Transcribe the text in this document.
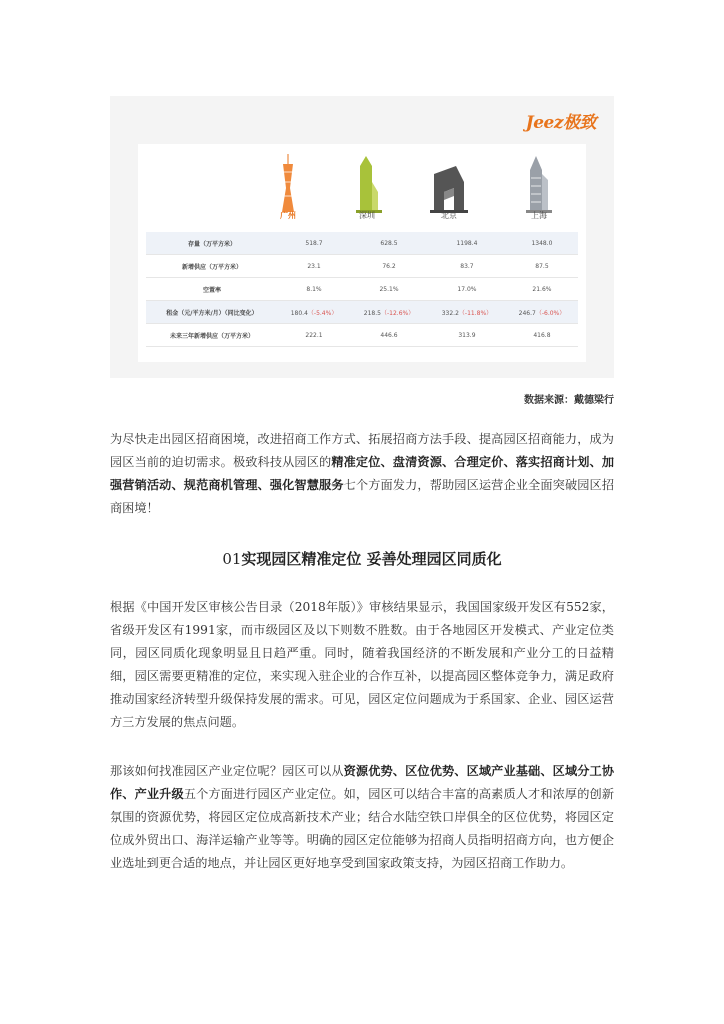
Jeez极致
广州	深圳	北京	上海
存量（万平方米）	518.7	628.5	1198.4	1348.0
新增供应（万平方米）	23.1	76.2	83.7	87.5
空置率	8.1%	25.1%	17.0%	21.6%
租金（元/平方米/月）（同比变化）	180.4（-5.4%）	218.5（-12.6%）	332.2（-11.8%）	246.7（-6.0%）
未来三年新增供应（万平方米）	222.1	446.6	313.9	416.8
数据来源：戴德梁行

为尽快走出园区招商困境，改进招商工作方式、拓展招商方法手段、提高园区招商能力，成为园区当前的迫切需求。极致科技从园区的精准定位、盘清资源、合理定价、落实招商计划、加强营销活动、规范商机管理、强化智慧服务七个方面发力，帮助园区运营企业全面突破园区招商困境！

01实现园区精准定位 妥善处理园区同质化

根据《中国开发区审核公告目录（2018年版）》审核结果显示，我国国家级开发区有552家，省级开发区有1991家，而市级园区及以下则数不胜数。由于各地园区开发模式、产业定位类同，园区同质化现象明显且日趋严重。同时，随着我国经济的不断发展和产业分工的日益精细，园区需要更精准的定位，来实现入驻企业的合作互补，以提高园区整体竞争力，满足政府推动国家经济转型升级保持发展的需求。可见，园区定位问题成为于系国家、企业、园区运营方三方发展的焦点问题。

那该如何找准园区产业定位呢？园区可以从资源优势、区位优势、区域产业基础、区域分工协作、产业升级五个方面进行园区产业定位。如，园区可以结合丰富的高素质人才和浓厚的创新氛围的资源优势，将园区定位成高新技术产业；结合水陆空铁口岸俱全的区位优势，将园区定位成外贸出口、海洋运输产业等等。明确的园区定位能够为招商人员指明招商方向，也方便企业选址到更合适的地点，并让园区更好地享受到国家政策支持，为园区招商工作助力。
